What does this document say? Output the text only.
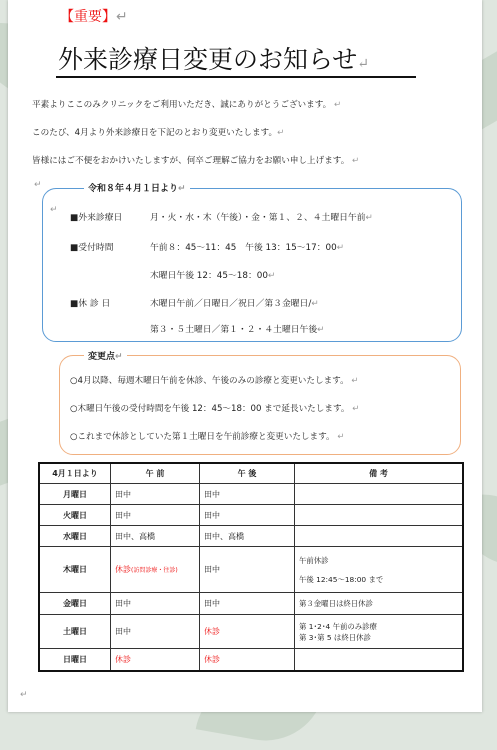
【重要】↵
外来診療日変更のお知らせ↵
平素よりここのみクリニックをご利用いただき、誠にありがとうございます。 ↵
このたび、4月より外来診療日を下記のとおり変更いたします。↵
皆様にはご不便をおかけいたしますが、何卒ご理解ご協力をお願い申し上げます。 ↵
↵	令和８年４月１日より↵
↵
■外来診療日	月・火・水・木（午後）・金・第１、２、４土曜日午前↵
■受付時間	午前８：45～11：45　午後 13：15～17：00↵
木曜日午後 12：45～18：00↵
■休 診 日	木曜日午前／日曜日／祝日／第３金曜日/↵
第３・５土曜日／第１・２・４土曜日午後↵
変更点↵
○4月以降、毎週木曜日午前を休診、午後のみの診療と変更いたします。 ↵
○木曜日午後の受付時間を午後 12：45～18：00 まで延長いたします。 ↵
○これまで休診としていた第１土曜日を午前診療と変更いたします。 ↵
4月１日より	午 前	午 後	備 考
月曜日	田中	田中	
火曜日	田中	田中	
水曜日	田中、高橋	田中、高橋	
木曜日	休診(訪問診療・往診)	田中	午前休診
午後 12:45～18:00 まで

金曜日	田中	田中	第３金曜日は終日休診
土曜日	田中	休診	第 1･2･4 午前のみ診療
第 3･第 5 は終日休診

日曜日	休診	休診	
↵
